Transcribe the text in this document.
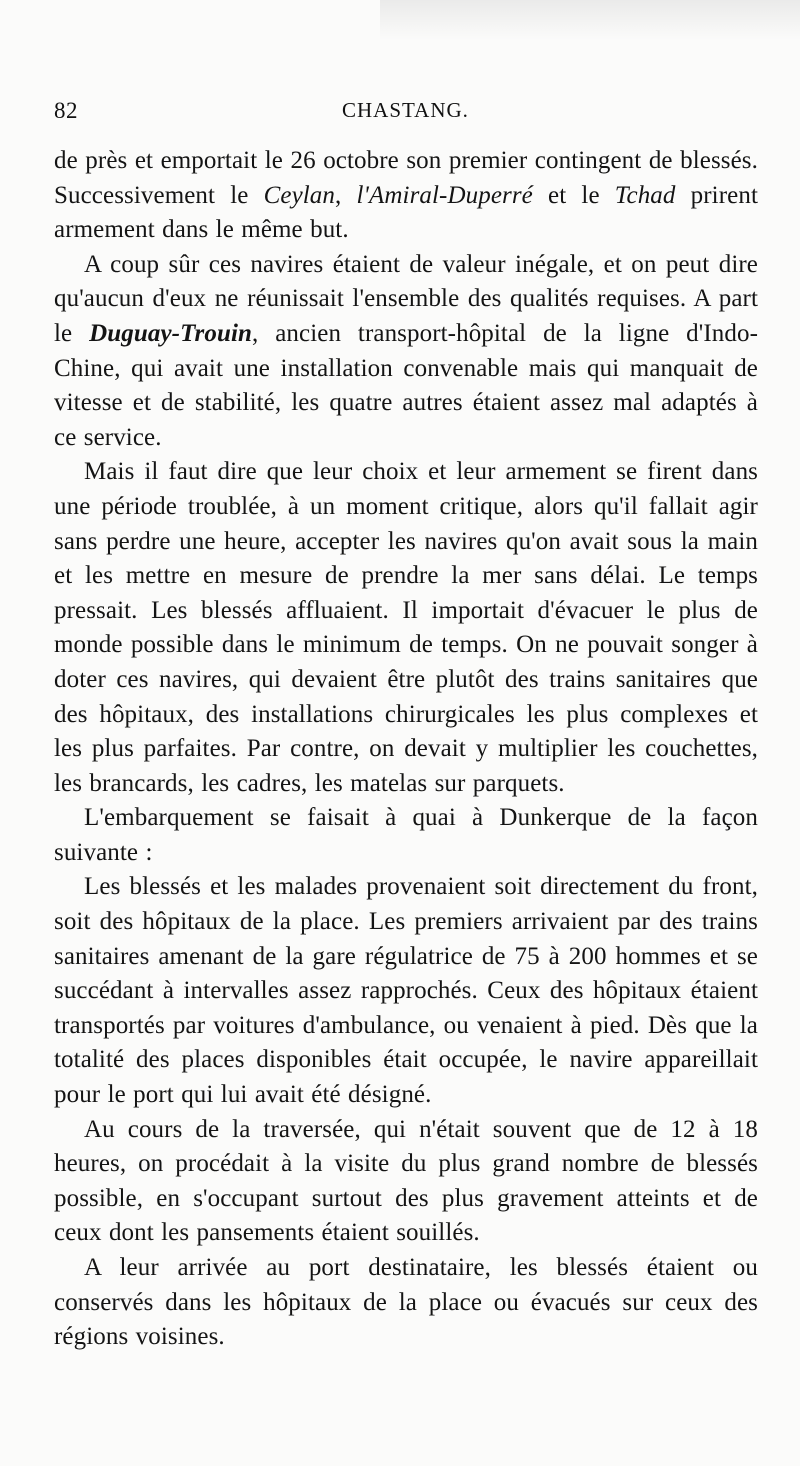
82	CHASTANG.

de près et emportait le 26 octobre son premier contingent de blessés. Successivement le Ceylan, l'Amiral-Duperré et le Tchad prirent armement dans le même but.

A coup sûr ces navires étaient de valeur inégale, et on peut dire qu'aucun d'eux ne réunissait l'ensemble des qualités requises. A part le Duguay-Trouin, ancien transport-hôpital de la ligne d'Indo-Chine, qui avait une installation convenable mais qui manquait de vitesse et de stabilité, les quatre autres étaient assez mal adaptés à ce service.

Mais il faut dire que leur choix et leur armement se firent dans une période troublée, à un moment critique, alors qu'il fallait agir sans perdre une heure, accepter les navires qu'on avait sous la main et les mettre en mesure de prendre la mer sans délai. Le temps pressait. Les blessés affluaient. Il importait d'évacuer le plus de monde possible dans le minimum de temps. On ne pouvait songer à doter ces navires, qui devaient être plutôt des trains sanitaires que des hôpitaux, des installations chirurgicales les plus complexes et les plus parfaites. Par contre, on devait y multiplier les couchettes, les brancards, les cadres, les matelas sur parquets.

L'embarquement se faisait à quai à Dunkerque de la façon suivante :

Les blessés et les malades provenaient soit directement du front, soit des hôpitaux de la place. Les premiers arrivaient par des trains sanitaires amenant de la gare régulatrice de 75 à 200 hommes et se succédant à intervalles assez rapprochés. Ceux des hôpitaux étaient transportés par voitures d'ambulance, ou venaient à pied. Dès que la totalité des places disponibles était occupée, le navire appareillait pour le port qui lui avait été désigné.

Au cours de la traversée, qui n'était souvent que de 12 à 18 heures, on procédait à la visite du plus grand nombre de blessés possible, en s'occupant surtout des plus gravement atteints et de ceux dont les pansements étaient souillés.

A leur arrivée au port destinataire, les blessés étaient ou conservés dans les hôpitaux de la place ou évacués sur ceux des régions voisines.
